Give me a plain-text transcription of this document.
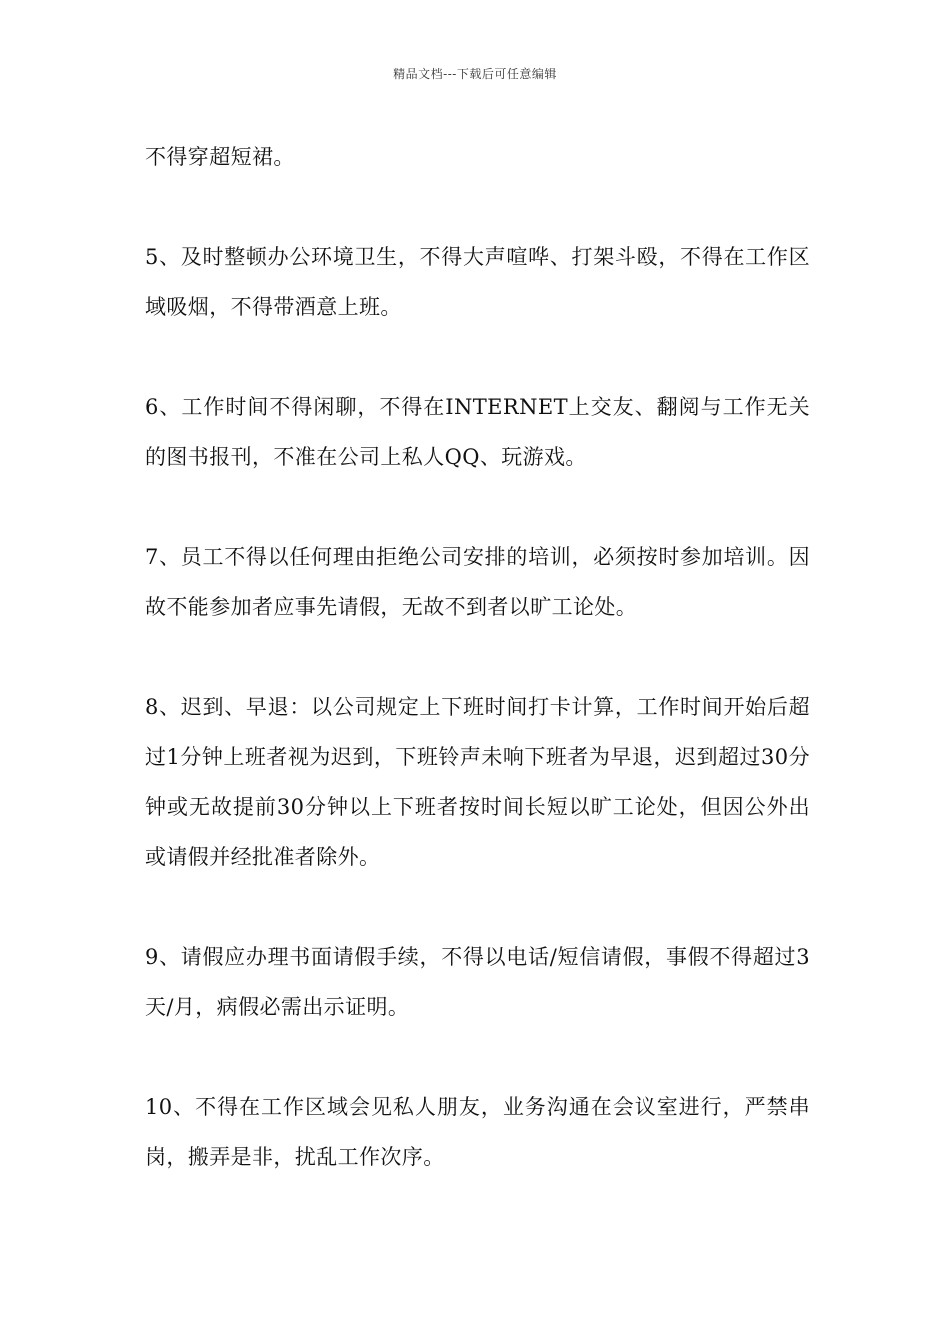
精品文档---下载后可任意编辑

不得穿超短裙。

5、及时整顿办公环境卫生，不得大声喧哗、打架斗殴，不得在工作区域吸烟，不得带酒意上班。

6、工作时间不得闲聊，不得在INTERNET上交友、翻阅与工作无关的图书报刊，不准在公司上私人QQ、玩游戏。

7、员工不得以任何理由拒绝公司安排的培训，必须按时参加培训。因故不能参加者应事先请假，无故不到者以旷工论处。

8、迟到、早退：以公司规定上下班时间打卡计算，工作时间开始后超过1分钟上班者视为迟到，下班铃声未响下班者为早退，迟到超过30分钟或无故提前30分钟以上下班者按时间长短以旷工论处，但因公外出或请假并经批准者除外。

9、请假应办理书面请假手续，不得以电话/短信请假，事假不得超过3天/月，病假必需出示证明。

10、不得在工作区域会见私人朋友，业务沟通在会议室进行，严禁串岗，搬弄是非，扰乱工作次序。
